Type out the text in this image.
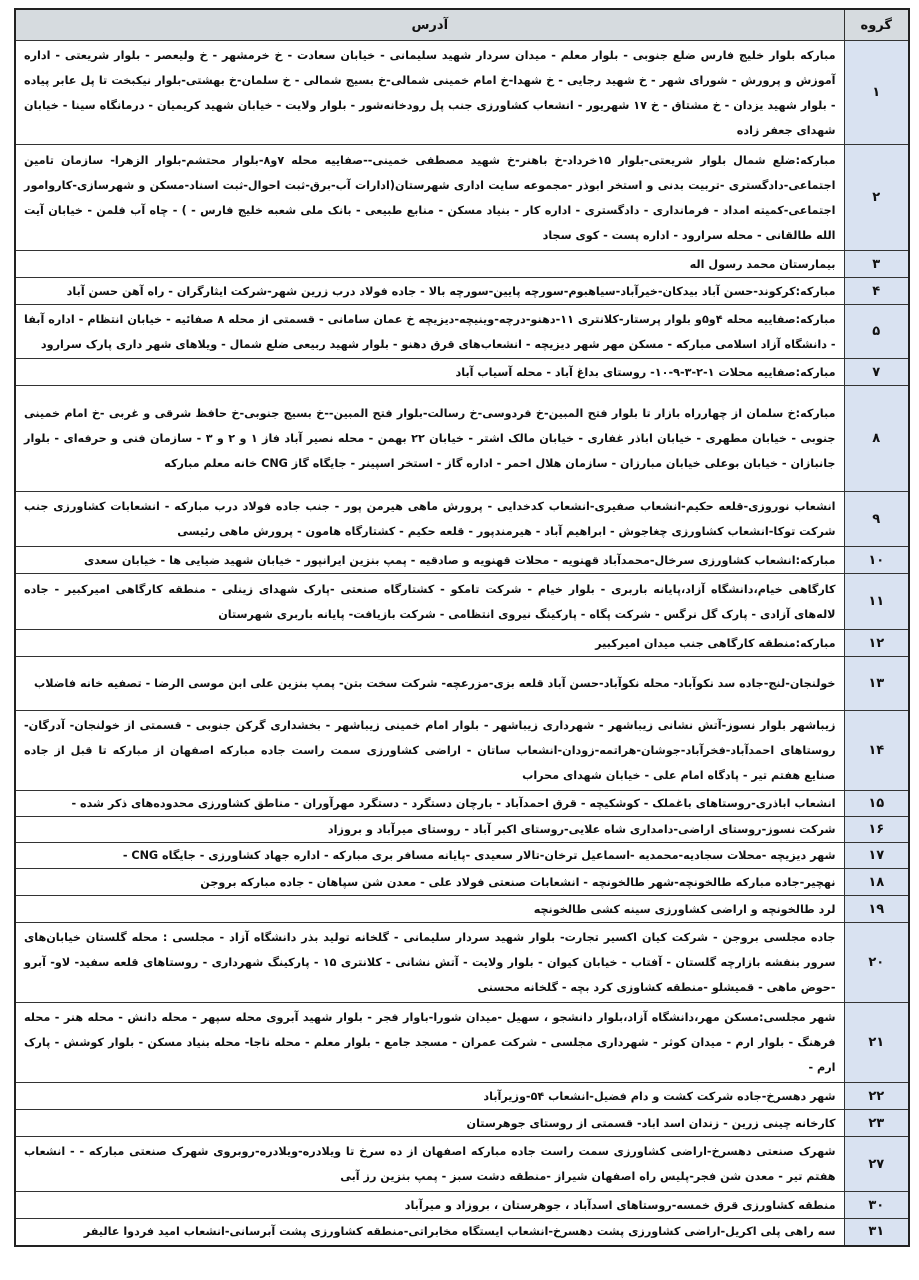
گروه	آدرس
۱	مبارکه بلوار خلیج فارس ضلع جنوبی - بلوار معلم - میدان سردار شهید سلیمانی - خیابان سعادت - خ خرمشهر - خ ولیعصر - بلوار شریعتی - اداره آموزش و پرورش - شورای شهر - خ شهید رجایی - خ شهدا-خ امام خمینی شمالی-خ بسیج شمالی - خ سلمان-خ بهشتی-بلوار نیکبخت تا پل عابر پیاده - بلوار شهید یزدان - خ مشتاق - خ ۱۷ شهریور - انشعاب کشاورزی جنب پل رودخانه‌شور - بلوار ولایت - خیابان شهید کریمیان - درمانگاه سینا - خیابان شهدای جعفر زاده
۲	مبارکه:ضلع شمال بلوار شریعتی-بلوار ۱۵خرداد-خ باهنر-خ شهید مصطفی خمینی--صفاییه محله ۷و۸-بلوار محتشم-بلوار الزهرا- سازمان تامین اجتماعی-دادگستری -تربیت بدنی و استخر ابوذر -مجموعه سایت اداری شهرستان(ادارات آب-برق-ثبت احوال-ثبت اسناد-مسکن و شهرسازی-کاروامور اجتماعی-کمیته امداد - فرمانداری - دادگستری - اداره کار - بنیاد مسکن - منابع طبیعی - بانک ملی شعبه خلیج فارس - ) - چاه آب فلمن - خیابان آیت الله طالقانی - محله سرارود - اداره پست - کوی سجاد
۳	بیمارستان محمد رسول اله
۴	مبارکه:کرکوند-حسن آباد بیدکان-خیرآباد-سیاهبوم-سورچه پایین-سورچه بالا - جاده فولاد درب زرین شهر-شرکت ایثارگران - راه آهن حسن آباد
۵	مبارکه:صفاییه محله ۴و۵و بلوار پرستار-کلانتری ۱۱-دهنو-درچه-وینیچه-دیزیچه خ عمان سامانی - قسمتی از محله ۸ صفائیه - خیابان انتظام - اداره آبفا - دانشگاه آزاد اسلامی مبارکه - مسکن مهر شهر دیزیچه - انشعاب‌های قرق دهنو - بلوار شهید ربیعی ضلع شمال - ویلاهای شهر داری پارک سرارود
۷	مبارکه:صفاییه محلات ۱-۲-۳-۹-۱۰- روستای بداغ آباد - محله آسیاب آباد
۸	مبارکه:خ سلمان از چهارراه بازار تا بلوار فتح المبین-خ فردوسی-خ رسالت-بلوار فتح المبین--خ بسیج جنوبی-خ حافظ شرقی و غربی -خ امام خمینی جنوبی - خیابان مطهری - خیابان اباذر غفاری - خیابان مالک اشتر - خیابان ۲۲ بهمن - محله نصیر آباد فاز ۱ و ۲ و ۳ - سازمان فنی و حرفه‌ای - بلوار جانبازان - خیابان بوعلی خیابان مبارزان - سازمان هلال احمر - اداره گاز - استخر اسپینر - جایگاه گاز CNG خانه معلم مبارکه
۹	انشعاب نوروزی-قلعه حکیم-انشعاب صفیری-انشعاب کدخدایی - پرورش ماهی هیرمن پور - جنب جاده فولاد درب مبارکه - انشعابات کشاورزی جنب شرکت توکا-انشعاب کشاورزی چغاجوش - ابراهیم آباد - هیرمندپور - قلعه حکیم - کشتارگاه هامون - پرورش ماهی رئیسی
۱۰	مبارکه:انشعاب کشاورزی سرخال-محمدآباد قهنویه - محلات قهنویه و صادقیه - پمپ بنزین ایرانپور - خیابان شهید ضیایی ها - خیابان سعدی
۱۱	کارگاهی خیام،دانشگاه آزاد،پایانه باربری - بلوار خیام - شرکت تامکو - کشتارگاه صنعتی -پارک شهدای زینلی - منطقه کارگاهی امیرکبیر - جاده لاله‌های آزادی - پارک گل نرگس - شرکت پگاه - پارکینگ نیروی انتظامی - شرکت بازیافت- پایانه باربری شهرستان
۱۲	مبارکه:منطقه کارگاهی جنب میدان امیرکبیر
۱۳	خولنجان-لنج-جاده سد نکوآباد- محله نکوآباد-حسن آباد قلعه بزی-مزرعچه- شرکت سخت بتن- پمپ بنزین علی ابن موسی الرضا - تصفیه خانه فاضلاب
۱۴	زیباشهر بلوار نسوز-آتش نشانی زیباشهر - شهرداری زیباشهر - بلوار امام خمینی زیباشهر - بخشداری گرکن جنوبی - قسمتی از خولنجان- آدرگان-روستاهای احمدآباد-فخرآباد-جوشان-هراتمه-زودان-انشعاب ساتان - اراضی کشاورزی سمت راست جاده مبارکه اصفهان از مبارکه تا قبل از جاده صنایع هفتم تیر - پادگاه امام علی - خیابان شهدای محراب
۱۵	انشعاب اباذری-روستاهای باغملک - کوشکیچه - قرق احمدآباد - بارچان دستگرد - دستگرد مهرآوران - مناطق کشاورزی محدوده‌های ذکر شده -
۱۶	شرکت نسوز-روستای اراضی-دامداری شاه علایی-روستای اکبر آباد - روستای میرآباد و بروزاد
۱۷	شهر دیزیچه -محلات سجادیه-محمدیه -اسماعیل ترخان-تالار سعیدی -پایانه مسافر بری مبارکه - اداره جهاد کشاورزی - جایگاه CNG -
۱۸	نهچیر-جاده مبارکه طالخونچه-شهر طالخونچه - انشعابات صنعتی فولاد علی - معدن شن سپاهان - جاده مبارکه بروجن
۱۹	لرد طالخونچه و اراضی کشاورزی سینه کشی طالخونچه
۲۰	جاده مجلسی بروجن - شرکت کیان اکسیر تجارت- بلوار شهید سردار سلیمانی - گلخانه تولید بذر دانشگاه آزاد - مجلسی : محله گلستان خیابان‌های سرور بنفشه بازارچه گلستان - آفتاب - خیابان کیوان - بلوار ولایت - آتش نشانی - کلانتری ۱۵ - پارکینگ شهرداری - روستاهای قلعه سفید- لاو- آبرو -حوض ماهی - قمیشلو -منطقه کشاوزی کرد بچه - گلخانه محسنی
۲۱	شهر مجلسی:مسکن مهر،دانشگاه آزاد،بلوار دانشجو ، سهیل -میدان شورا-باوار فجر - بلوار شهید آبروی محله سپهر - محله دانش - محله هنر - محله فرهنگ - بلوار ارم - میدان کوثر - شهرداری مجلسی - شرکت عمران - مسجد جامع - بلوار معلم - محله ناجا- محله بنیاد مسکن - بلوار کوشش - پارک ارم -
۲۲	شهر دهسرخ-جاده شرکت کشت و دام فضیل-انشعاب ۵۴-وزیرآباد
۲۳	کارخانه چینی زرین - زندان اسد اباد- قسمتی از روستای جوهرستان
۲۷	شهرک صنعتی دهسرخ-اراضی کشاورزی سمت راست جاده مبارکه اصفهان از ده سرخ تا ویلادره-ویلادره-روبروی شهرک صنعتی مبارکه - - انشعاب هفتم تیر - معدن شن فجر-پلیس راه اصفهان شیراز -منطقه دشت سبز - پمپ بنزین رز آبی
۳۰	منطقه کشاورزی قرق خمسه-روستاهای اسدآباد ، جوهرستان ، بروزاد و میرآباد
۳۱	سه راهی پلی اکریل-اراضی کشاورزی پشت دهسرخ-انشعاب ایستگاه مخابراتی-منطقه کشاورزی پشت آبرسانی-انشعاب امید فردوا عالیفر
